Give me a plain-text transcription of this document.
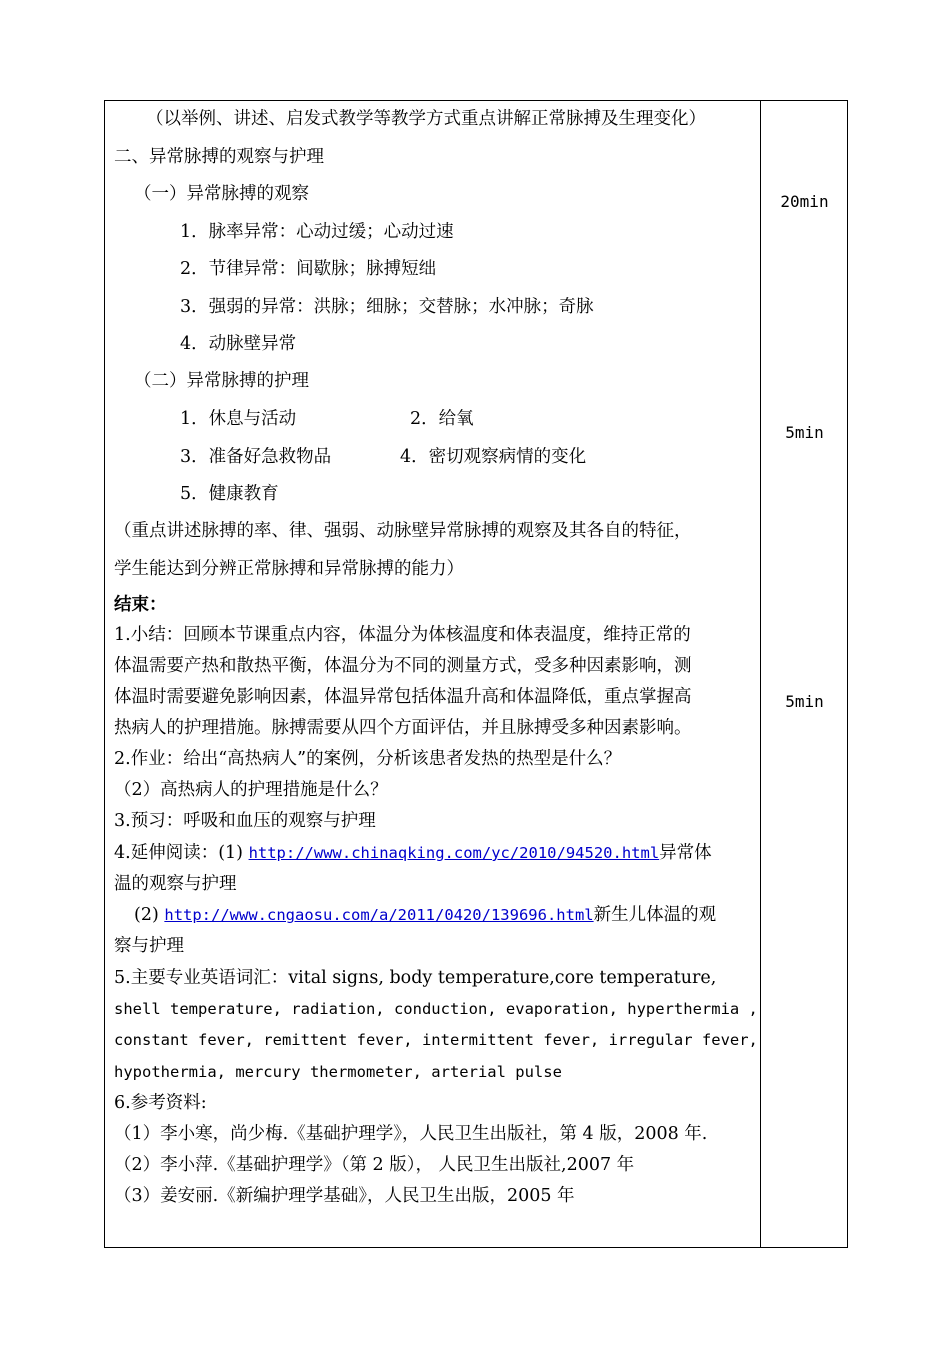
（以举例、讲述、启发式教学等教学方式重点讲解正常脉搏及生理变化）
二、异常脉搏的观察与护理
（一）异常脉搏的观察
1．脉率异常：心动过缓；心动过速
2．节律异常：间歇脉；脉搏短绌
3．强弱的异常：洪脉；细脉；交替脉；水冲脉；奇脉
4．动脉壁异常
（二）异常脉搏的护理
1．休息与活动	2．给氧
3．准备好急救物品	4．密切观察病情的变化
5．健康教育
（重点讲述脉搏的率、律、强弱、动脉壁异常脉搏的观察及其各自的特征，
学生能达到分辨正常脉搏和异常脉搏的能力）
结束：
1.小结：回顾本节课重点内容，体温分为体核温度和体表温度，维持正常的
体温需要产热和散热平衡，体温分为不同的测量方式，受多种因素影响，测
体温时需要避免影响因素，体温异常包括体温升高和体温降低，重点掌握高
热病人的护理措施。脉搏需要从四个方面评估，并且脉搏受多种因素影响。
2.作业：给出“高热病人”的案例，分析该患者发热的热型是什么？
（2）高热病人的护理措施是什么？
3.预习：呼吸和血压的观察与护理
4.延伸阅读：(1) http://www.chinaqking.com/yc/2010/94520.html异常体
温的观察与护理
(2) http://www.cngaosu.com/a/2011/0420/139696.html新生儿体温的观
察与护理
5.主要专业英语词汇：vital signs, body temperature,core temperature,
shell temperature, radiation, conduction, evaporation, hyperthermia ,
constant fever, remittent fever, intermittent fever, irregular fever,
hypothermia, mercury thermometer, arterial pulse
6.参考资料:
（1）李小寒，尚少梅.《基础护理学》，人民卫生出版社，第 4 版，2008 年.
（2）李小萍.《基础护理学》（第 2 版）， 人民卫生出版社,2007 年
（3）姜安丽.《新编护理学基础》，人民卫生出版，2005 年
20min
5min
5min
